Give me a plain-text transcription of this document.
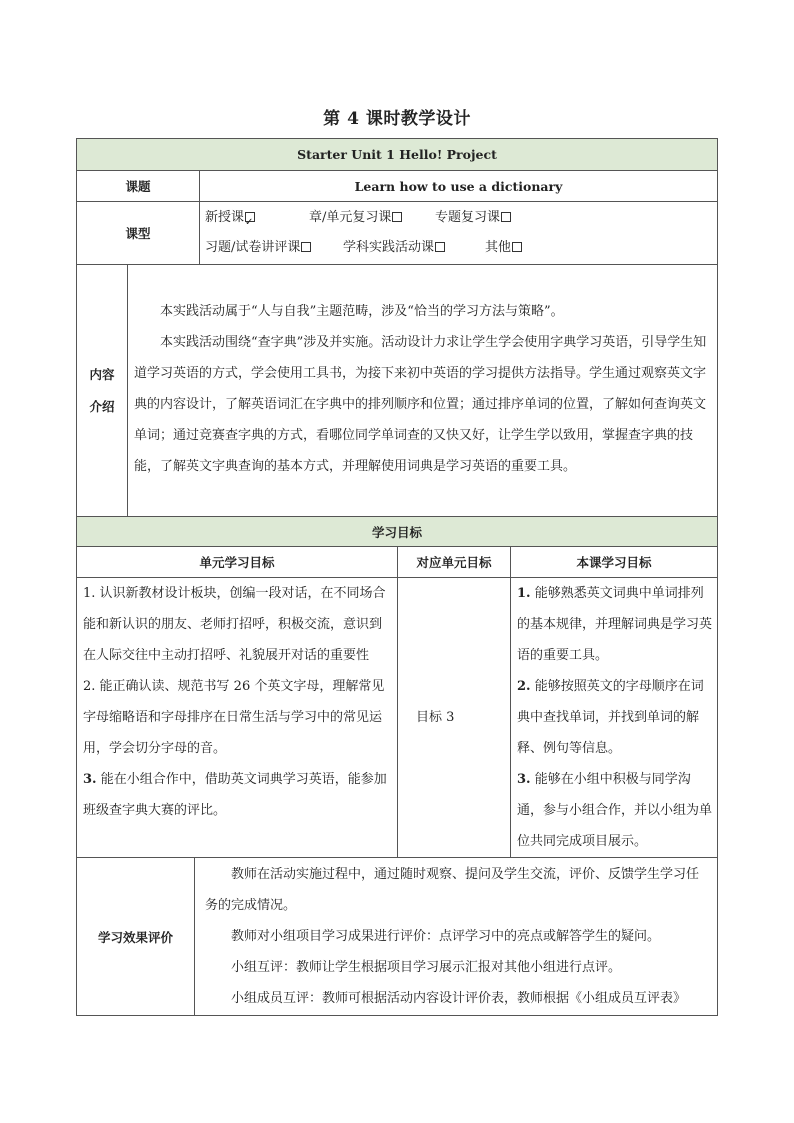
第 4 课时教学设计
Starter Unit 1 Hello! Project
课题	Learn how to use a dictionary
课型
新授课✓	章/单元复习课	专题复习课
习题/试卷讲评课	学科实践活动课	其他
内容
介绍

本实践活动属于“人与自我”主题范畴，涉及“恰当的学习方法与策略”。

本实践活动围绕“查字典”涉及并实施。活动设计力求让学生学会使用字典学习英语，引导学生知道学习英语的方式，学会使用工具书，为接下来初中英语的学习提供方法指导。学生通过观察英文字典的内容设计，了解英语词汇在字典中的排列顺序和位置；通过排序单词的位置，了解如何查询英文单词；通过竞赛查字典的方式，看哪位同学单词查的又快又好，让学生学以致用，掌握查字典的技能，了解英文字典查询的基本方式，并理解使用词典是学习英语的重要工具。

学习目标
单元学习目标	对应单元目标	本课学习目标
1. 认识新教材设计板块，创编一段对话，在不同场合能和新认识的朋友、老师打招呼，积极交流，意识到在人际交往中主动打招呼、礼貌展开对话的重要性
2. 能正确认读、规范书写 26 个英文字母，理解常见字母缩略语和字母排序在日常生活与学习中的常见运用，学会切分字母的音。
3. 能在小组合作中，借助英文词典学习英语，能参加班级查字典大赛的评比。
目标 3
1. 能够熟悉英文词典中单词排列的基本规律，并理解词典是学习英语的重要工具。
2. 能够按照英文的字母顺序在词典中查找单词，并找到单词的解释、例句等信息。
3. 能够在小组中积极与同学沟通，参与小组合作，并以小组为单位共同完成项目展示。
学习效果评价

教师在活动实施过程中，通过随时观察、提问及学生交流，评价、反馈学生学习任务的完成情况。

教师对小组项目学习成果进行评价：点评学习中的亮点或解答学生的疑问。

小组互评：教师让学生根据项目学习展示汇报对其他小组进行点评。

小组成员互评：教师可根据活动内容设计评价表，教师根据《小组成员互评表》
